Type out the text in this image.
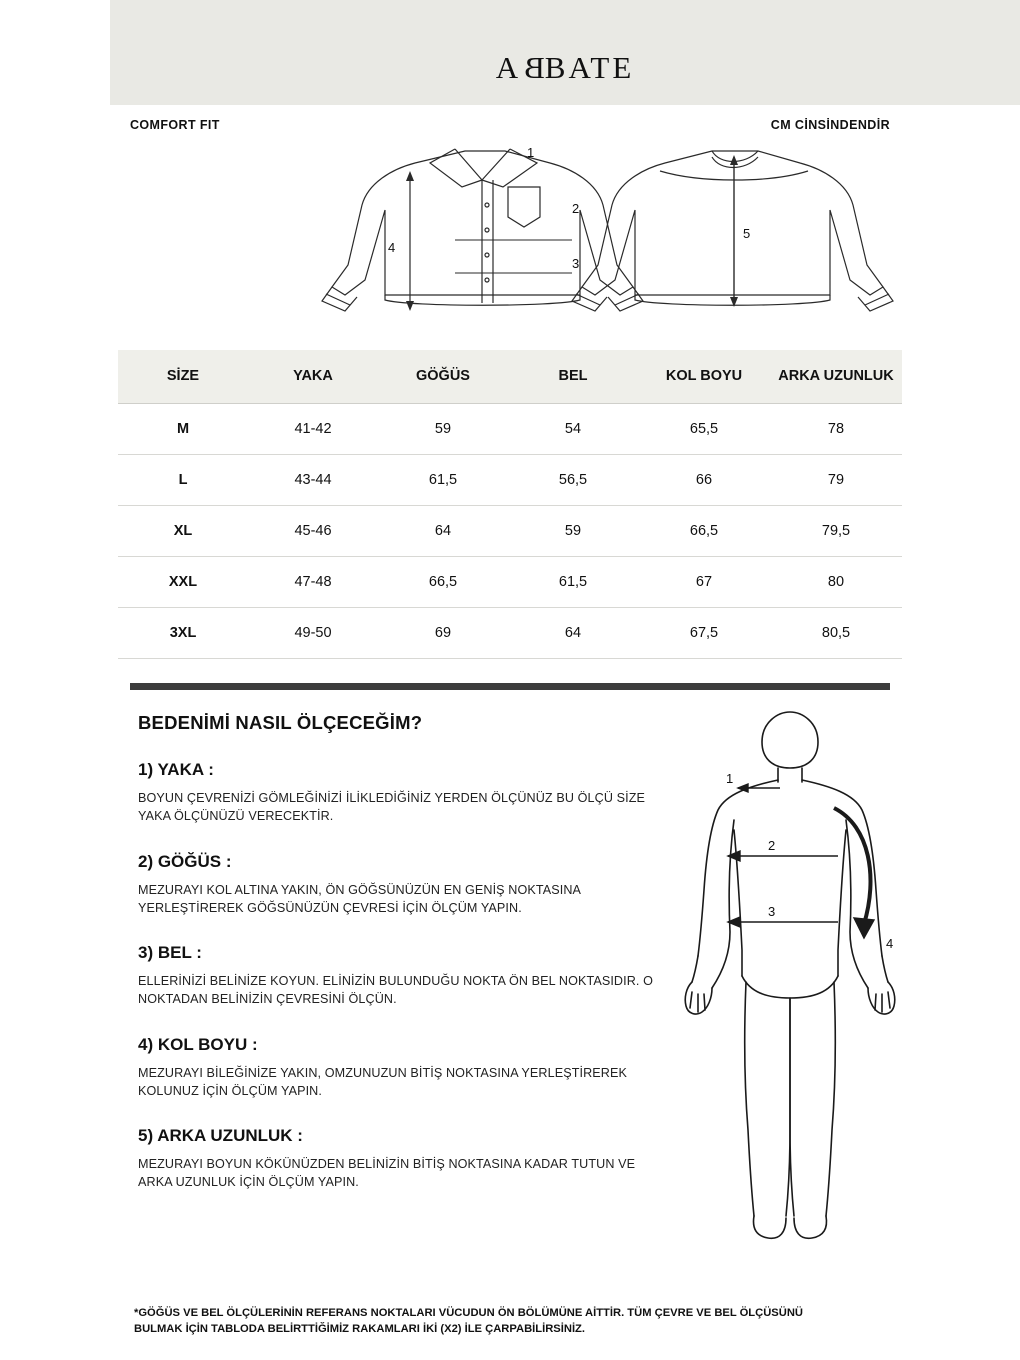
ABBATE
COMFORT FIT	CM CİNSİNDENDİR
1
2
3
4
5
SİZE	YAKA	GÖĞÜS	BEL	KOL BOYU	ARKA UZUNLUK
M	41-42	59	54	65,5	78
L	43-44	61,5	56,5	66	79
XL	45-46	64	59	66,5	79,5
XXL	47-48	66,5	61,5	67	80
3XL	49-50	69	64	67,5	80,5
BEDENİMİ NASIL ÖLÇECEĞİM?
1) YAKA :

BOYUN ÇEVRENİZİ GÖMLEĞİNİZİ İLİKLEDİĞİNİZ YERDEN ÖLÇÜNÜZ BU ÖLÇÜ SİZE YAKA ÖLÇÜNÜZÜ VERECEKTİR.

2) GÖĞÜS :

MEZURAYI KOL ALTINA YAKIN, ÖN GÖĞSÜNÜZÜN EN GENİŞ NOKTASINA YERLEŞTİREREK GÖĞSÜNÜZÜN ÇEVRESİ İÇİN ÖLÇÜM YAPIN.

3) BEL :

ELLERİNİZİ BELİNİZE KOYUN. ELİNİZİN BULUNDUĞU NOKTA ÖN BEL NOKTASIDIR. O NOKTADAN BELİNİZİN ÇEVRESİNİ ÖLÇÜN.

4) KOL BOYU :

MEZURAYI BİLEĞİNİZE YAKIN, OMZUNUZUN BİTİŞ NOKTASINA YERLEŞTİREREK KOLUNUZ İÇİN ÖLÇÜM YAPIN.

5) ARKA UZUNLUK :

MEZURAYI BOYUN KÖKÜNÜZDEN BELİNİZİN BİTİŞ NOKTASINA KADAR TUTUN VE ARKA UZUNLUK İÇİN ÖLÇÜM YAPIN.

1
2
3
4
*GÖĞÜS VE BEL ÖLÇÜLERİNİN REFERANS NOKTALARI VÜCUDUN ÖN BÖLÜMÜNE AİTTİR. TÜM ÇEVRE VE BEL ÖLÇÜSÜNÜ
BULMAK İÇİN TABLODA BELİRTTİĞİMİZ RAKAMLARI İKİ (X2) İLE ÇARPABİLİRSİNİZ.
